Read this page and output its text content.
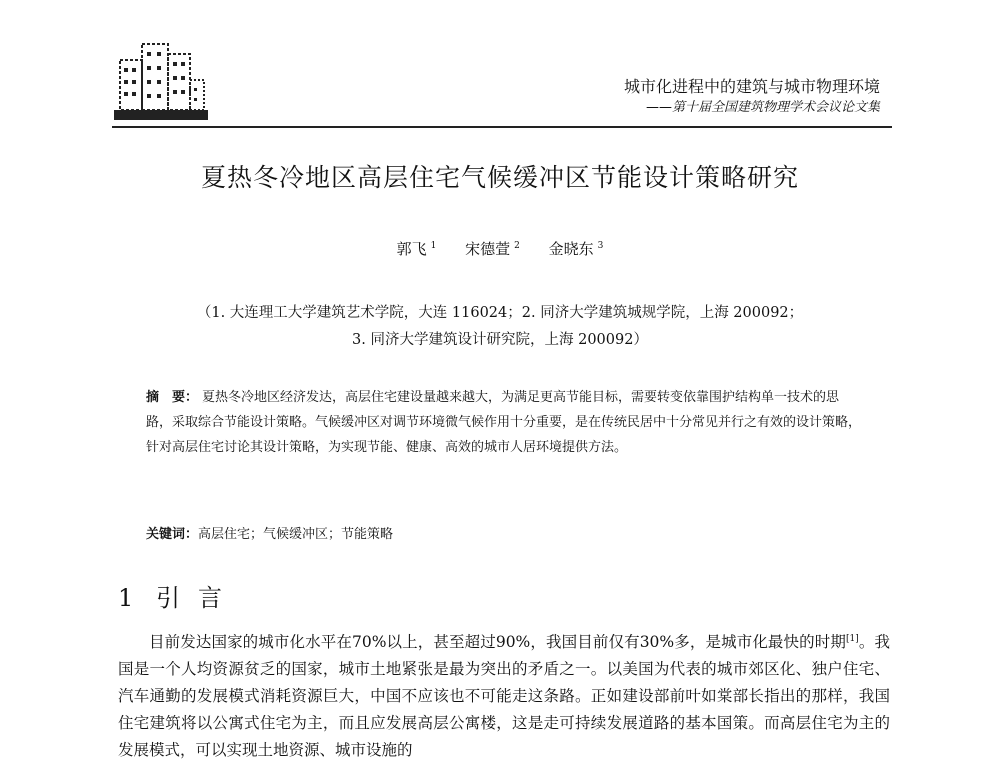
城市化进程中的建筑与城市物理环境
——第十届全国建筑物理学术会议论文集
夏热冬冷地区高层住宅气候缓冲区节能设计策略研究
郭飞 $^1$ 宋德萱 $^2$ 金晓东 $^3$
（1. 大连理工大学建筑艺术学院，大连 116024；2. 同济大学建筑城规学院，上海 200092；
3. 同济大学建筑设计研究院，上海 200092）
摘　要： 夏热冬冷地区经济发达，高层住宅建设量越来越大，为满足更高节能目标，需要转变依靠围护结构单一技术的思路，采取综合节能设计策略。气候缓冲区对调节环境微气候作用十分重要，是在传统民居中十分常见并行之有效的设计策略，针对高层住宅讨论其设计策略，为实现节能、健康、高效的城市人居环境提供方法。
关键词：高层住宅；气候缓冲区；节能策略
1 引言

目前发达国家的城市化水平在70%以上，甚至超过90%，我国目前仅有30%多，是城市化最快的时期[1]。我国是一个人均资源贫乏的国家，城市土地紧张是最为突出的矛盾之一。以美国为代表的城市郊区化、独户住宅、汽车通勤的发展模式消耗资源巨大，中国不应该也不可能走这条路。正如建设部前叶如棠部长指出的那样，我国住宅建筑将以公寓式住宅为主，而且应发展高层公寓楼，这是走可持续发展道路的基本国策。而高层住宅为主的发展模式，可以实现土地资源、城市设施的
